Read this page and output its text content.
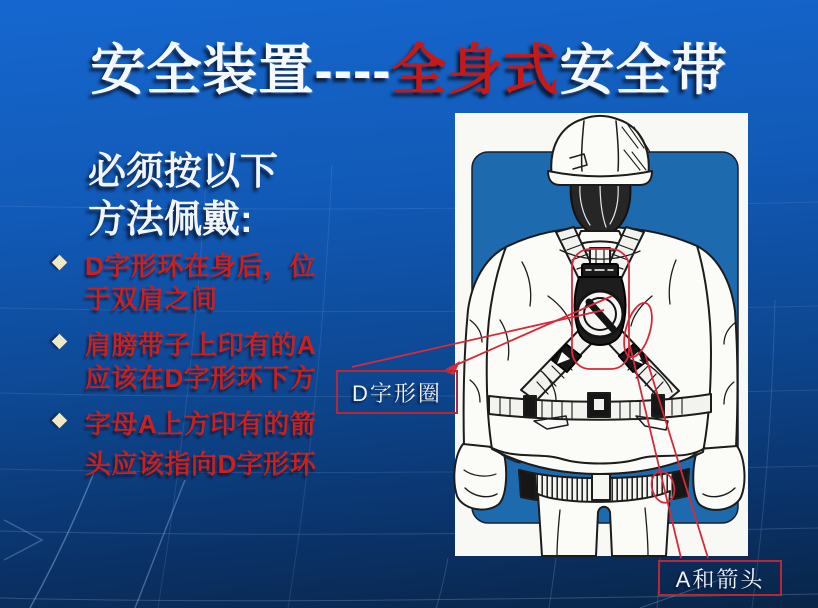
安全装置----全身式安全带
必须按以下
方法佩戴:
D字形环在身后，位
于双肩之间
肩膀带子上印有的A
应该在D字形环下方
字母A上方印有的箭
头应该指向D字形环
D字形圈
A和箭头
